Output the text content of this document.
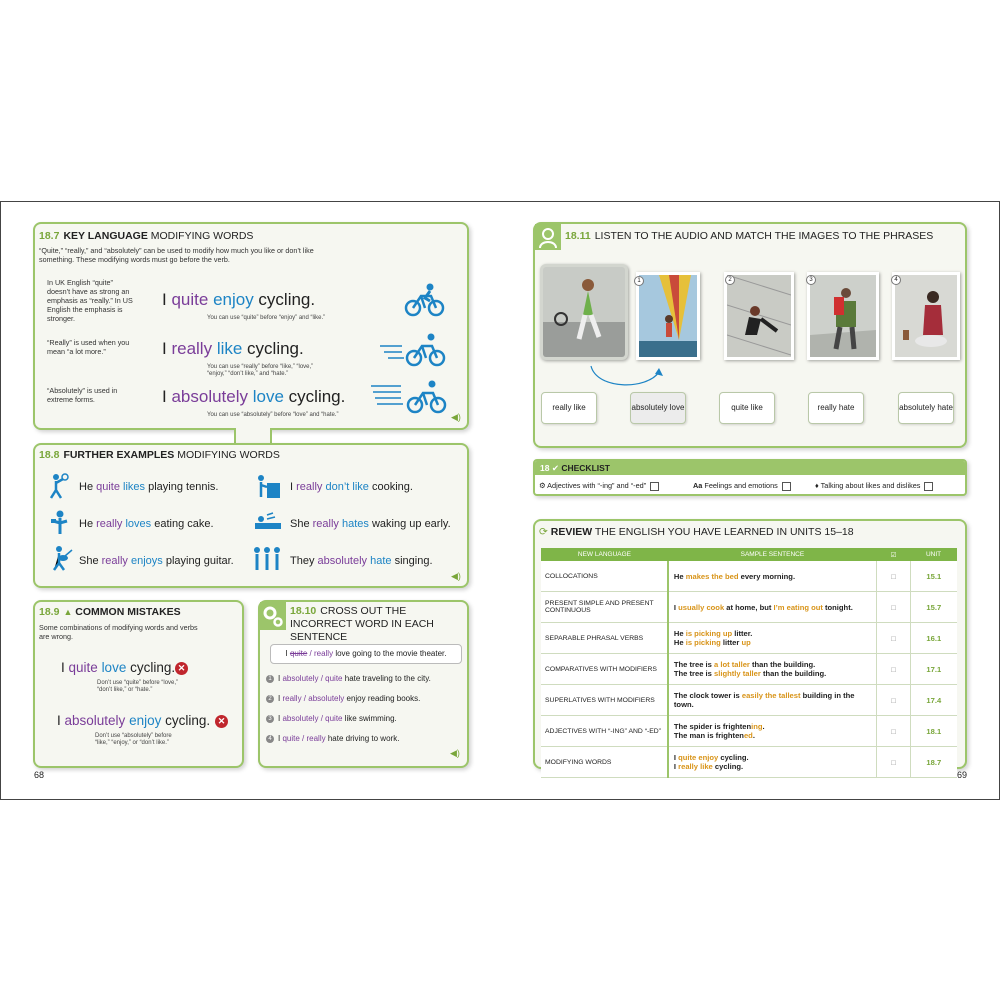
18.7 KEY LANGUAGE MODIFYING WORDS
“Quite,” “really,” and “absolutely” can be used to modify how much you like or don’t like something. These modifying words must go before the verb.
In UK English “quite” doesn’t have as strong an emphasis as “really.” In US English the emphasis is stronger.
“Really” is used when you mean “a lot more.”
“Absolutely” is used in extreme forms.
I quite enjoy cycling.
You can use “quite” before “enjoy” and “like.”
I really like cycling.
You can use “really” before “like,” “love,” “enjoy,” “don’t like,” and “hate.”
I absolutely love cycling.
You can use “absolutely” before “love” and “hate.”	◀)
18.8 FURTHER EXAMPLES MODIFYING WORDS
He quite likes playing tennis.	I really don’t like cooking.
He really loves eating cake.	She really hates waking up early.
She really enjoys playing guitar.	They absolutely hate singing.
◀)
18.9 ▲ COMMON MISTAKES
Some combinations of modifying words and verbs are wrong.
I quite love cycling. ✕
Don’t use “quite” before “love,” “don’t like,” or “hate.”
I absolutely enjoy cycling. ✕
Don’t use “absolutely” before “like,” “enjoy,” or “don’t like.”
18.10 CROSS OUT THE INCORRECT WORD IN EACH SENTENCE
I quite / really love going to the movie theater.
1 I absolutely / quite hate traveling to the city.
2 I really / absolutely enjoy reading books.
3 I absolutely / quite like swimming.
4 I quite / really hate driving to work.
◀)
68
18.11 LISTEN TO THE AUDIO AND MATCH THE IMAGES TO THE PHRASES
1	2	3	4
really like	absolutely love	quite like	really hate	absolutely hate
18 ✔ CHECKLIST
⚙ Adjectives with “-ing” and “-ed”	Aa Feelings and emotions	♦ Talking about likes and dislikes
⟳ REVIEW THE ENGLISH YOU HAVE LEARNED IN UNITS 15–18
NEW LANGUAGE	SAMPLE SENTENCE	☑	UNIT
COLLOCATIONS	He makes the bed every morning.	□	15.1
PRESENT SIMPLE AND PRESENT CONTINUOUS	I usually cook at home, but I’m eating out tonight.	□	15.7
SEPARABLE PHRASAL VERBS	He is picking up litter.
He is picking litter up	□	16.1
COMPARATIVES WITH MODIFIERS	The tree is a lot taller than the building.
The tree is slightly taller than the building.	□	17.1
SUPERLATIVES WITH MODIFIERS	The clock tower is easily the tallest building in the town.	□	17.4
ADJECTIVES WITH “-ING” AND “-ED”	The spider is frightening.
The man is frightened.	□	18.1
MODIFYING WORDS	I quite enjoy cycling.
I really like cycling.	□	18.7
69
